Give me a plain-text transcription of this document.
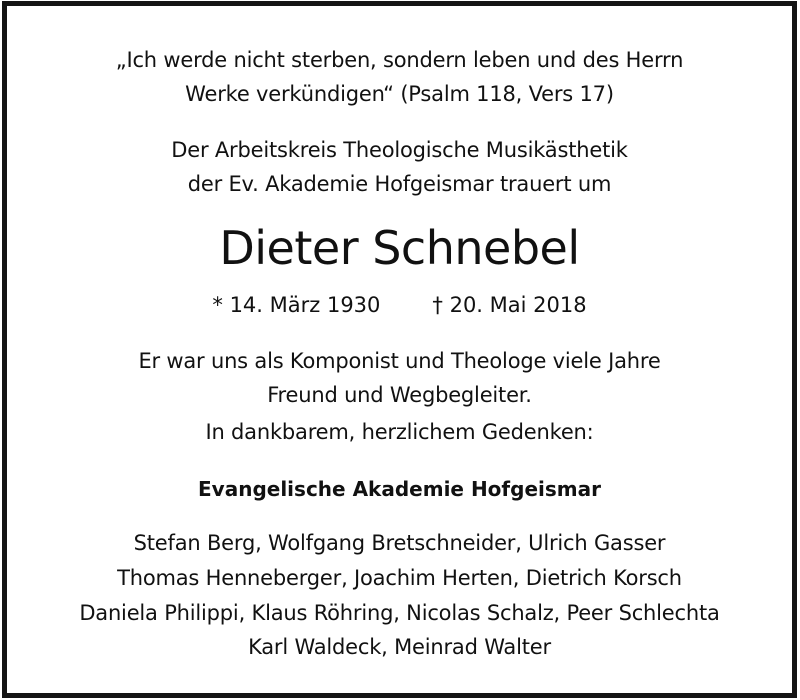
„Ich werde nicht sterben, sondern leben und des Herrn
Werke verkündigen“ (Psalm 118, Vers 17)
Der Arbeitskreis Theologische Musikästhetik
der Ev. Akademie Hofgeismar trauert um
Dieter Schnebel
* 14. März 1930 † 20. Mai 2018
Er war uns als Komponist und Theologe viele Jahre
Freund und Wegbegleiter.
In dankbarem, herzlichem Gedenken:
Evangelische Akademie Hofgeismar
Stefan Berg, Wolfgang Bretschneider, Ulrich Gasser
Thomas Henneberger, Joachim Herten, Dietrich Korsch
Daniela Philippi, Klaus Röhring, Nicolas Schalz, Peer Schlechta
Karl Waldeck, Meinrad Walter
